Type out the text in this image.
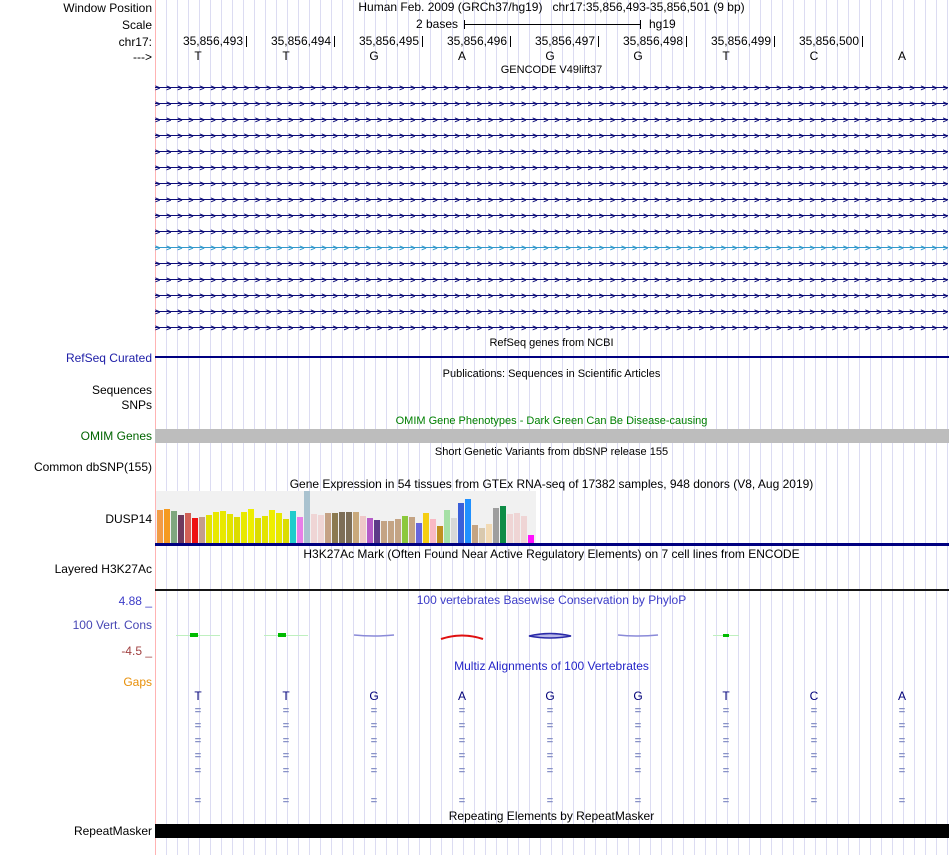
Window Position	Human Feb. 2009 (GRCh37/hg19) chr17:35,856,493-35,856,501 (9 bp)
Scale	2 bases	hg19
chr17:	35,856,493	35,856,494	35,856,495	35,856,496	35,856,497	35,856,498	35,856,499	35,856,500
--->	T	T	G	A	G	G	T	C	A
GENCODE V49lift37
> > > > > > > > > > > > > > > > > > > > > > > > > > > > > > > > > > > > > > > > > > > > > > > > > > > > > > > > > > > > > > > > > > > > > > > >
> > > > > > > > > > > > > > > > > > > > > > > > > > > > > > > > > > > > > > > > > > > > > > > > > > > > > > > > > > > > > > > > > > > > > > > >
> > > > > > > > > > > > > > > > > > > > > > > > > > > > > > > > > > > > > > > > > > > > > > > > > > > > > > > > > > > > > > > > > > > > > > > >
> > > > > > > > > > > > > > > > > > > > > > > > > > > > > > > > > > > > > > > > > > > > > > > > > > > > > > > > > > > > > > > > > > > > > > > >
> > > > > > > > > > > > > > > > > > > > > > > > > > > > > > > > > > > > > > > > > > > > > > > > > > > > > > > > > > > > > > > > > > > > > > > >
> > > > > > > > > > > > > > > > > > > > > > > > > > > > > > > > > > > > > > > > > > > > > > > > > > > > > > > > > > > > > > > > > > > > > > > >
> > > > > > > > > > > > > > > > > > > > > > > > > > > > > > > > > > > > > > > > > > > > > > > > > > > > > > > > > > > > > > > > > > > > > > > >
> > > > > > > > > > > > > > > > > > > > > > > > > > > > > > > > > > > > > > > > > > > > > > > > > > > > > > > > > > > > > > > > > > > > > > > >
> > > > > > > > > > > > > > > > > > > > > > > > > > > > > > > > > > > > > > > > > > > > > > > > > > > > > > > > > > > > > > > > > > > > > > > >
> > > > > > > > > > > > > > > > > > > > > > > > > > > > > > > > > > > > > > > > > > > > > > > > > > > > > > > > > > > > > > > > > > > > > > > >
> > > > > > > > > > > > > > > > > > > > > > > > > > > > > > > > > > > > > > > > > > > > > > > > > > > > > > > > > > > > > > > > > > > > > > > >
> > > > > > > > > > > > > > > > > > > > > > > > > > > > > > > > > > > > > > > > > > > > > > > > > > > > > > > > > > > > > > > > > > > > > > > >
> > > > > > > > > > > > > > > > > > > > > > > > > > > > > > > > > > > > > > > > > > > > > > > > > > > > > > > > > > > > > > > > > > > > > > > >
> > > > > > > > > > > > > > > > > > > > > > > > > > > > > > > > > > > > > > > > > > > > > > > > > > > > > > > > > > > > > > > > > > > > > > > >
> > > > > > > > > > > > > > > > > > > > > > > > > > > > > > > > > > > > > > > > > > > > > > > > > > > > > > > > > > > > > > > > > > > > > > > >
> > > > > > > > > > > > > > > > > > > > > > > > > > > > > > > > > > > > > > > > > > > > > > > > > > > > > > > > > > > > > > > > > > > > > > > >
RefSeq genes from NCBI
RefSeq Curated
Publications: Sequences in Scientific Articles
Sequences
SNPs
OMIM Gene Phenotypes - Dark Green Can Be Disease-causing
OMIM Genes
Short Genetic Variants from dbSNP release 155
Common dbSNP(155)
Gene Expression in 54 tissues from GTEx RNA-seq of 17382 samples, 948 donors (V8, Aug 2019)
DUSP14
H3K27Ac Mark (Often Found Near Active Regulatory Elements) on 7 cell lines from ENCODE
Layered H3K27Ac
100 vertebrates Basewise Conservation by PhyloP
4.88 _
100 Vert. Cons
-4.5 _
Multiz Alignments of 100 Vertebrates
Gaps
T	T	G	A	G	G	T	C	A
=	=	=	=	=	=	=	=	=
=	=	=	=	=	=	=	=	=
=	=	=	=	=	=	=	=	=
=	=	=	=	=	=	=	=	=
=	=	=	=	=	=	=	=	=
=	=	=	=	=	=	=	=	=
Repeating Elements by RepeatMasker
RepeatMasker
